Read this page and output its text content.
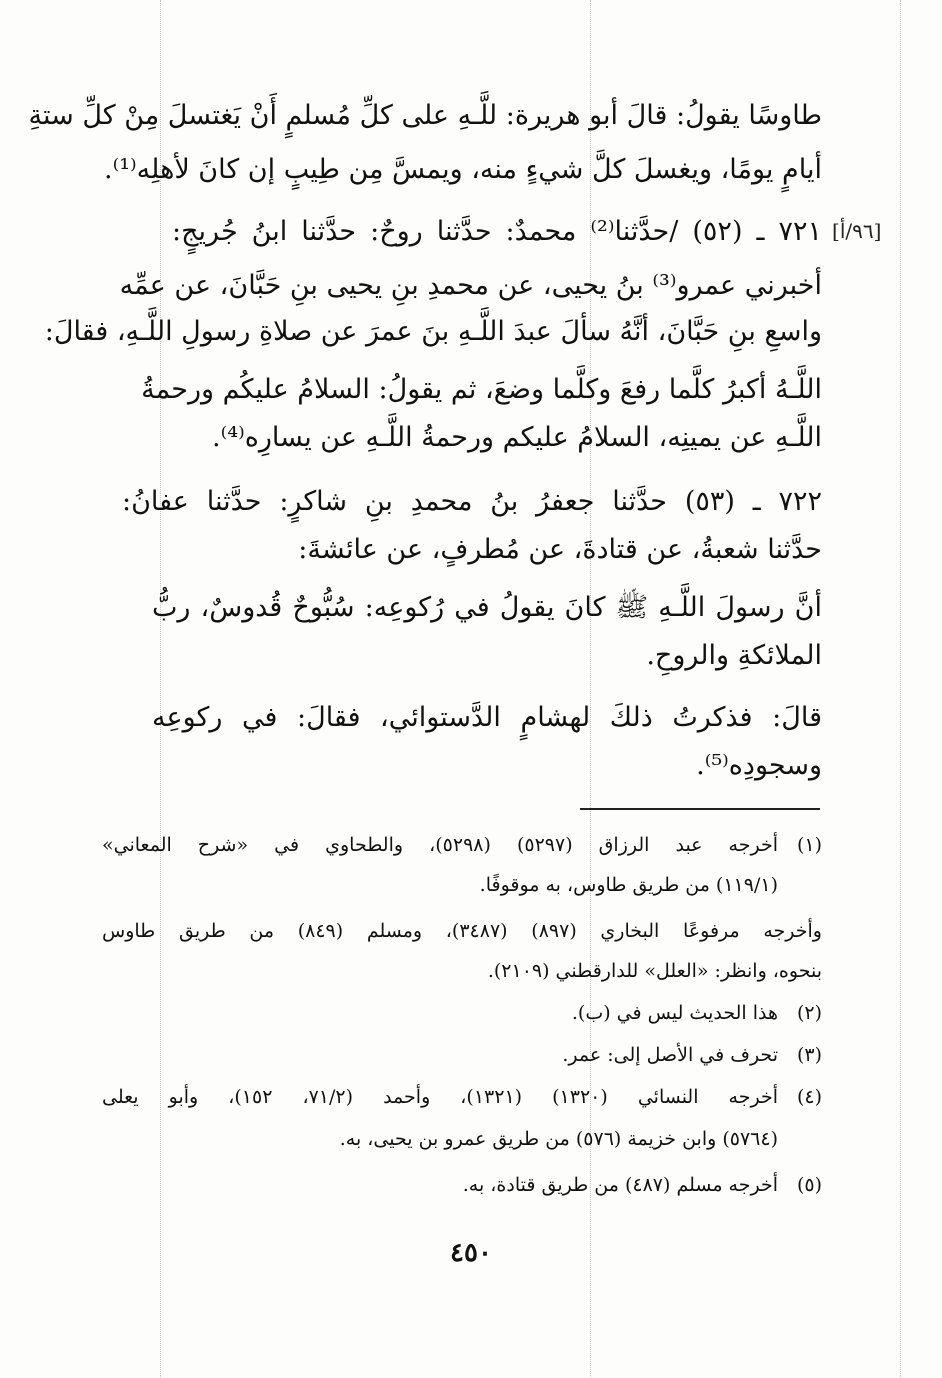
[٩٦/أ]
طاوسًا يقولُ: قالَ أبو هريرة: للَّـهِ على كلِّ مُسلمٍ أَنْ يَغتسلَ مِنْ كلِّ ستةِ
أيامٍ يومًا، ويغسلَ كلَّ شيءٍ منه، ويمسَّ مِن طِيبٍ إن كانَ لأهلِه⁽¹⁾.
٧٢١ ـ (٥٢) /حدَّثنا⁽²⁾ محمدٌ: حدَّثنا روحٌ: حدَّثنا ابنُ جُريجٍ:
أخبرني عمرو⁽³⁾ بنُ يحيى، عن محمدِ بنِ يحيى بنِ حَبَّانَ، عن عمِّه
واسعِ بنِ حَبَّانَ، أنَّهُ سألَ عبدَ اللَّـهِ بنَ عمرَ عن صلاةِ رسولِ اللَّـهِ، فقالَ:
اللَّـهُ أكبرُ كلَّما رفعَ وكلَّما وضعَ، ثم يقولُ: السلامُ عليكُم ورحمةُ
اللَّـهِ عن يمينِه، السلامُ عليكم ورحمةُ اللَّـهِ عن يسارِه⁽⁴⁾.
٧٢٢ ـ (٥٣) حدَّثنا جعفرُ بنُ محمدِ بنِ شاكرٍ: حدَّثنا عفانُ:
حدَّثنا شعبةُ، عن قتادةَ، عن مُطرفٍ، عن عائشةَ:
أنَّ رسولَ اللَّـهِ ﷺ كانَ يقولُ في رُكوعِه: سُبُّوحٌ قُدوسٌ، ربُّ
الملائكةِ والروحِ.
قالَ: فذكرتُ ذلكَ لهشامٍ الدَّستوائي، فقالَ: في ركوعِه
وسجودِه⁽⁵⁾.
(١)أخرجه عبد الرزاق (٥٢٩٧) (٥٢٩٨)، والطحاوي في «شرح المعاني»
(١١٩/١) من طريق طاوس، به موقوفًا.
وأخرجه مرفوعًا البخاري (٨٩٧) (٣٤٨٧)، ومسلم (٨٤٩) من طريق طاوس
بنحوه، وانظر: «العلل» للدارقطني (٢١٠٩).
(٢)هذا الحديث ليس في (ب).
(٣)تحرف في الأصل إلى: عمر.
(٤)أخرجه النسائي (١٣٢٠) (١٣٢١)، وأحمد (٧١/٢، ١٥٢)، وأبو يعلى
(٥٧٦٤) وابن خزيمة (٥٧٦) من طريق عمرو بن يحيى، به.
(٥)أخرجه مسلم (٤٨٧) من طريق قتادة، به.
٤٥٠
